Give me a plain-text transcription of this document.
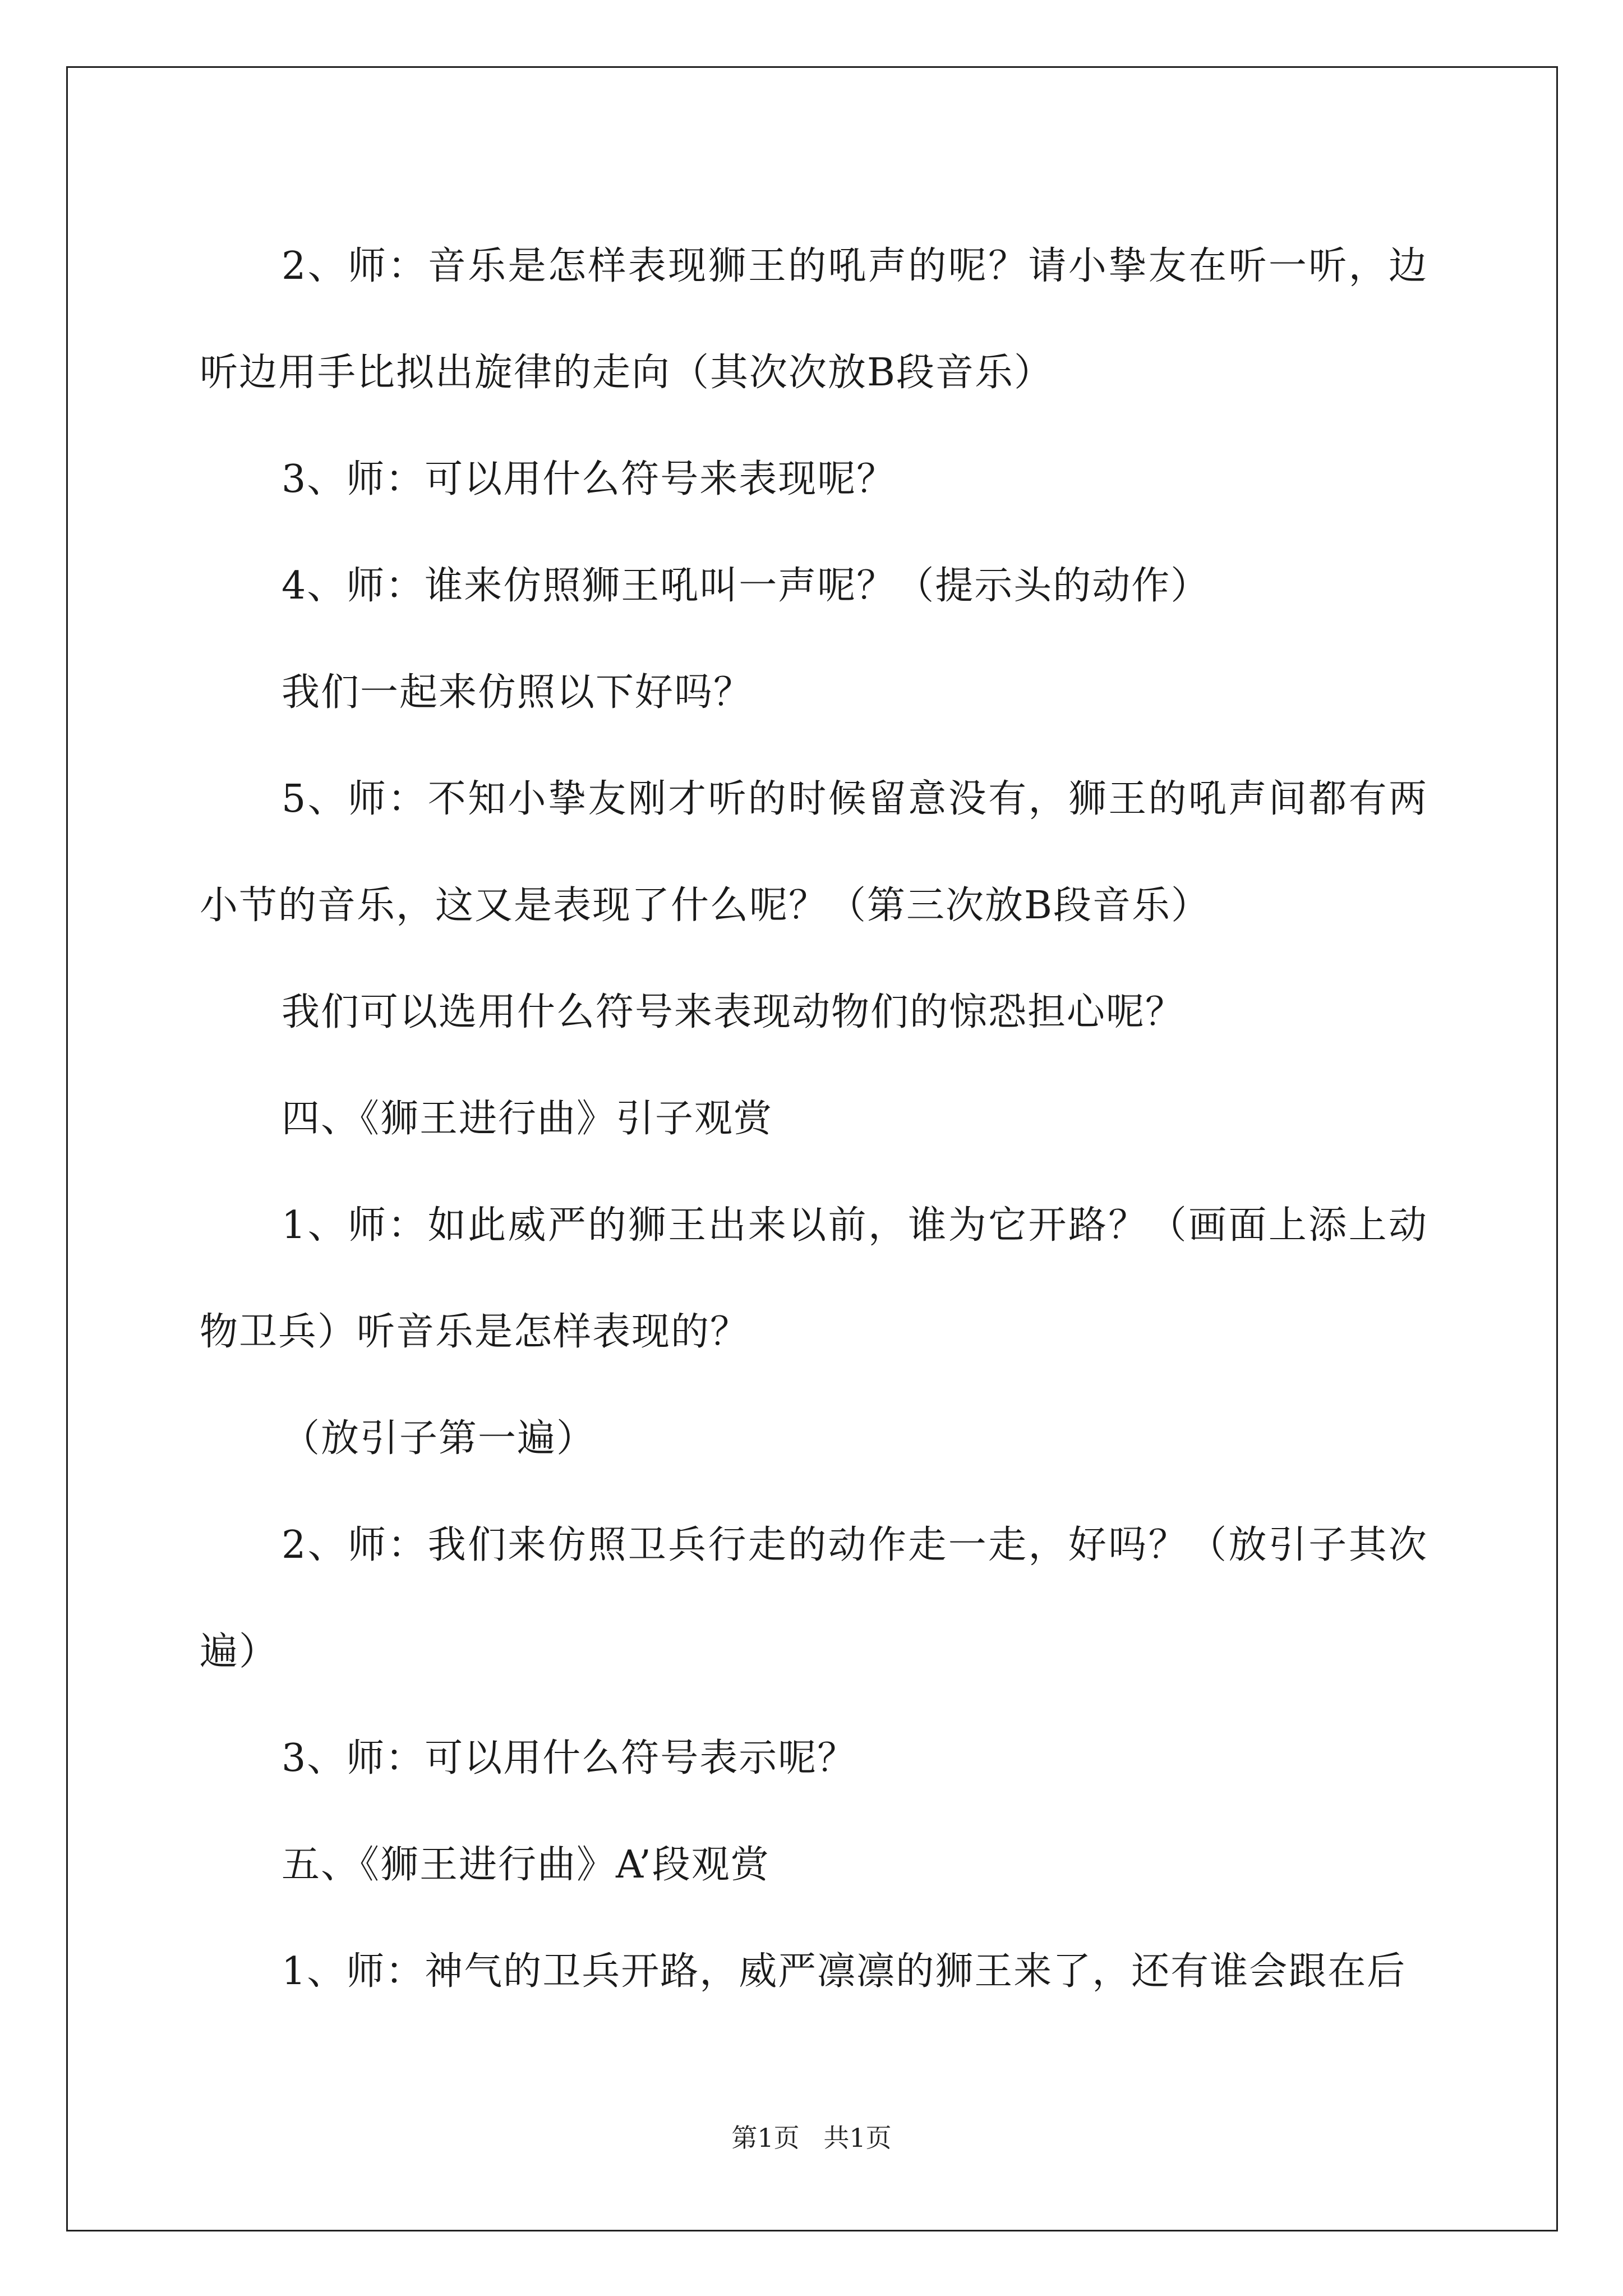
2、师：音乐是怎样表现狮王的吼声的呢？请小挚友在听一听，边听边用手比拟出旋律的走向（其次次放B段音乐）

3、师：可以用什么符号来表现呢？

4、师：谁来仿照狮王吼叫一声呢？（提示头的动作）

我们一起来仿照以下好吗？

5、师：不知小挚友刚才听的时候留意没有，狮王的吼声间都有两小节的音乐，这又是表现了什么呢？（第三次放B段音乐）

我们可以选用什么符号来表现动物们的惊恐担心呢？

四、《狮王进行曲》引子观赏

1、师：如此威严的狮王出来以前，谁为它开路？（画面上添上动物卫兵）听音乐是怎样表现的？

（放引子第一遍）

2、师：我们来仿照卫兵行走的动作走一走，好吗？（放引子其次遍）

3、师：可以用什么符号表示呢？

五、《狮王进行曲》A’段观赏

1、师：神气的卫兵开路，威严凛凛的狮王来了，还有谁会跟在后

第1页 共1页
